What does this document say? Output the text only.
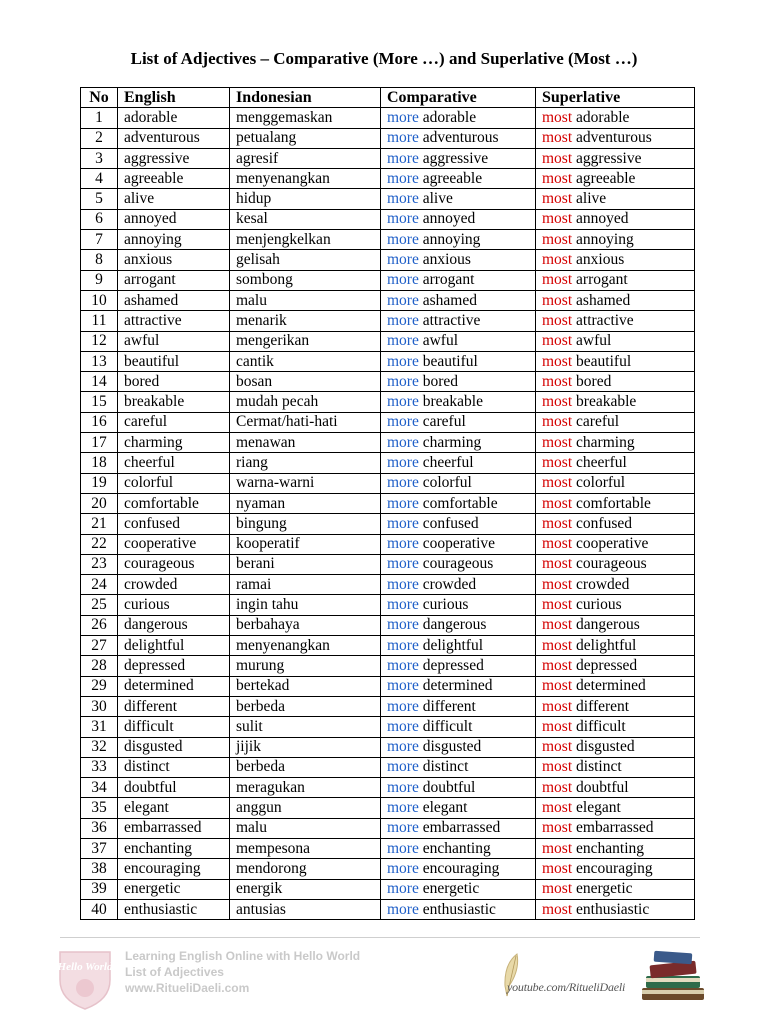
List of Adjectives – Comparative (More …) and Superlative (Most …)
No	English	Indonesian	Comparative	Superlative
1	adorable	menggemaskan	more adorable	most adorable
2	adventurous	petualang	more adventurous	most adventurous
3	aggressive	agresif	more aggressive	most aggressive
4	agreeable	menyenangkan	more agreeable	most agreeable
5	alive	hidup	more alive	most alive
6	annoyed	kesal	more annoyed	most annoyed
7	annoying	menjengkelkan	more annoying	most annoying
8	anxious	gelisah	more anxious	most anxious
9	arrogant	sombong	more arrogant	most arrogant
10	ashamed	malu	more ashamed	most ashamed
11	attractive	menarik	more attractive	most attractive
12	awful	mengerikan	more awful	most awful
13	beautiful	cantik	more beautiful	most beautiful
14	bored	bosan	more bored	most bored
15	breakable	mudah pecah	more breakable	most breakable
16	careful	Cermat/hati-hati	more careful	most careful
17	charming	menawan	more charming	most charming
18	cheerful	riang	more cheerful	most cheerful
19	colorful	warna-warni	more colorful	most colorful
20	comfortable	nyaman	more comfortable	most comfortable
21	confused	bingung	more confused	most confused
22	cooperative	kooperatif	more cooperative	most cooperative
23	courageous	berani	more courageous	most courageous
24	crowded	ramai	more crowded	most crowded
25	curious	ingin tahu	more curious	most curious
26	dangerous	berbahaya	more dangerous	most dangerous
27	delightful	menyenangkan	more delightful	most delightful
28	depressed	murung	more depressed	most depressed
29	determined	bertekad	more determined	most determined
30	different	berbeda	more different	most different
31	difficult	sulit	more difficult	most difficult
32	disgusted	jijik	more disgusted	most disgusted
33	distinct	berbeda	more distinct	most distinct
34	doubtful	meragukan	more doubtful	most doubtful
35	elegant	anggun	more elegant	most elegant
36	embarrassed	malu	more embarrassed	most embarrassed
37	enchanting	mempesona	more enchanting	most enchanting
38	encouraging	mendorong	more encouraging	most encouraging
39	energetic	energik	more energetic	most energetic
40	enthusiastic	antusias	more enthusiastic	most enthusiastic
Hello World
Learning English Online with Hello World
List of Adjectives
www.RitueliDaeli.com	youtube.com/RitueliDaeli
